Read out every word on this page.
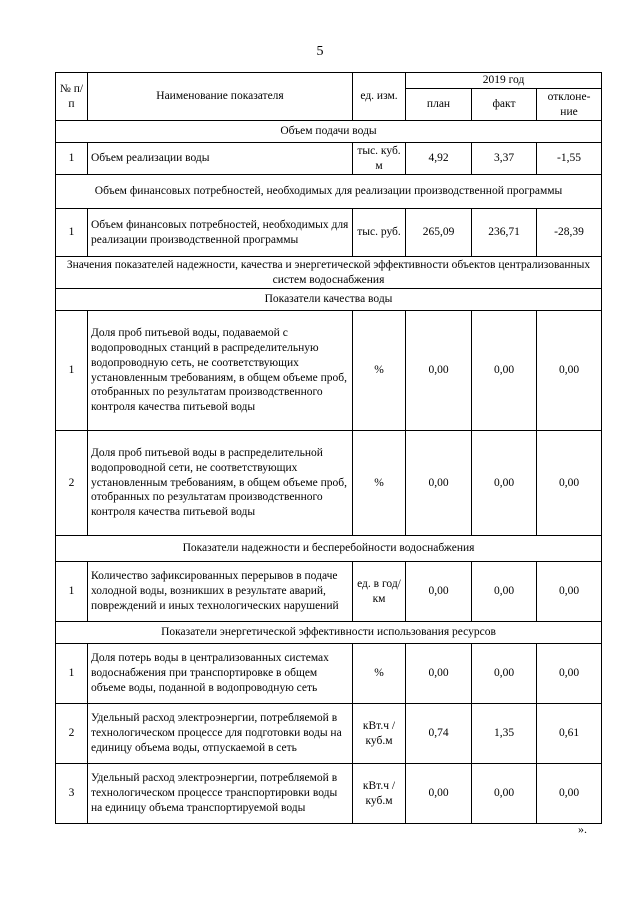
5
№ п/п	Наименование показателя	ед. изм.	2019 год		
			план	факт	отклоне-ние
Объем подачи воды					
1	Объем реализации воды	тыс. куб. м	4,92	3,37	-1,55
Объем финансовых потребностей, необходимых для реализации производственной программы					
1	Объем финансовых потребностей, необходимых для реализации производственной программы	тыс. руб.	265,09	236,71	-28,39
Значения показателей надежности, качества и энергетической эффективности объектов централизованных систем водоснабжения					
Показатели качества воды					
1	Доля проб питьевой воды, подаваемой с водопроводных станций в распределительную водопроводную сеть, не соответствующих установленным требованиям, в общем объеме проб, отобранных по результатам производственного контроля качества питьевой воды	%	0,00	0,00	0,00
2	Доля проб питьевой воды в распределительной водопроводной сети, не соответствующих установленным требованиям, в общем объеме проб, отобранных по результатам производственного контроля качества питьевой воды	%	0,00	0,00	0,00
Показатели надежности и бесперебойности водоснабжения					
1	Количество зафиксированных перерывов в подаче холодной воды, возникших в результате аварий, повреждений и иных технологических нарушений	ед. в год/ км	0,00	0,00	0,00
Показатели энергетической эффективности использования ресурсов					
1	Доля потерь воды в централизованных системах водоснабжения при транспортировке в общем объеме воды, поданной в водопроводную сеть	%	0,00	0,00	0,00
2	Удельный расход электроэнергии, потребляемой в технологическом процессе для подготовки воды на единицу объема воды, отпускаемой в сеть	кВт.ч / куб.м	0,74	1,35	0,61
3	Удельный расход электроэнергии, потребляемой в технологическом процессе транспортировки воды на единицу объема транспортируемой воды	кВт.ч / куб.м	0,00	0,00	0,00
».
